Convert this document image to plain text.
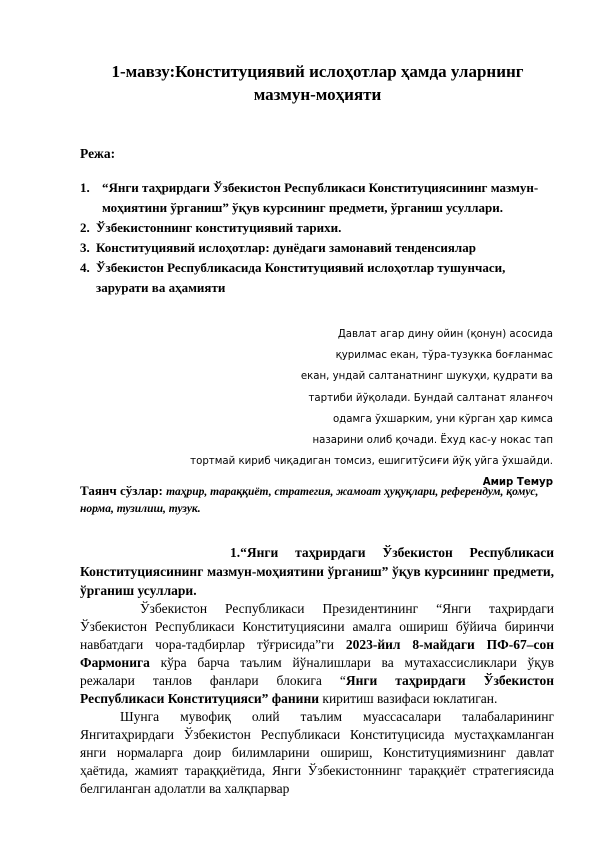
1-мавзу:Конституциявий ислоҳотлар ҳамда уларнинг мазмун-моҳияти
Режа:
1. “Янги таҳрирдаги Ўзбекистон Республикаси Конституциясининг мазмун-моҳиятини ўрганиш” ўқув курсининг предмети, ўрганиш усуллари.
2. Ўзбекистоннинг конституциявий тарихи.
3. Конституциявий ислоҳотлар: дунёдаги замонавий тенденсиялар
4. Ўзбекистон Республикасида Конституциявий ислоҳотлар тушунчаси, зарурати ва аҳамияти
Давлат агар дину ойин (қонун) асосида
қурилмас екан, тўра-тузукка боғланмас
екан, ундай салтанатнинг шукуҳи, қудрати ва
тартиби йўқолади. Бундай салтанат яланғоч
одамга ўхшарким, уни кўрган ҳар кимса
назарини олиб қочади. Ёхуд кас-у нокас тап
тортмай кириб чиқадиган томсиз, ешигитўсиғи йўқ уйга ўхшайди.
Амир Темур
Таянч сўзлар: таҳрир, тараққиёт, стратегия, жамоат ҳуқуқлари, референдум, қомус, норма, тузилиш, тузук.
1.“Янги таҳрирдаги Ўзбекистон Республикаси Конституциясининг мазмун-моҳиятини ўрганиш” ўқув курсининг предмети, ўрганиш усуллари.

Ўзбекистон Республикаси Президентининг “Янги таҳрирдаги Ўзбекистон Республикаси Конституциясини амалга ошириш бўйича биринчи навбатдаги чора-тадбирлар тўғрисида”ги 2023-йил 8-майдаги ПФ-67–сон Фармонига кўра барча таълим йўналишлари ва мутахассисликлари ўқув режалари танлов фанлари блокига “Янги таҳрирдаги Ўзбекистон Республикаси Конституцияси” фанини киритиш вазифаси юклатиган.

Шунга мувофиқ олий таълим муассасалари талабаларининг Янгитаҳрирдаги Ўзбекистон Республикаси Конституцисида мустаҳкамланган янги нормаларга доир билимларини ошириш, Конституциямизнинг давлат ҳаётида, жамият тараққиётида, Янги Ўзбекистоннинг тараққиёт стратегиясида белгиланган адолатли ва халқпарвар
